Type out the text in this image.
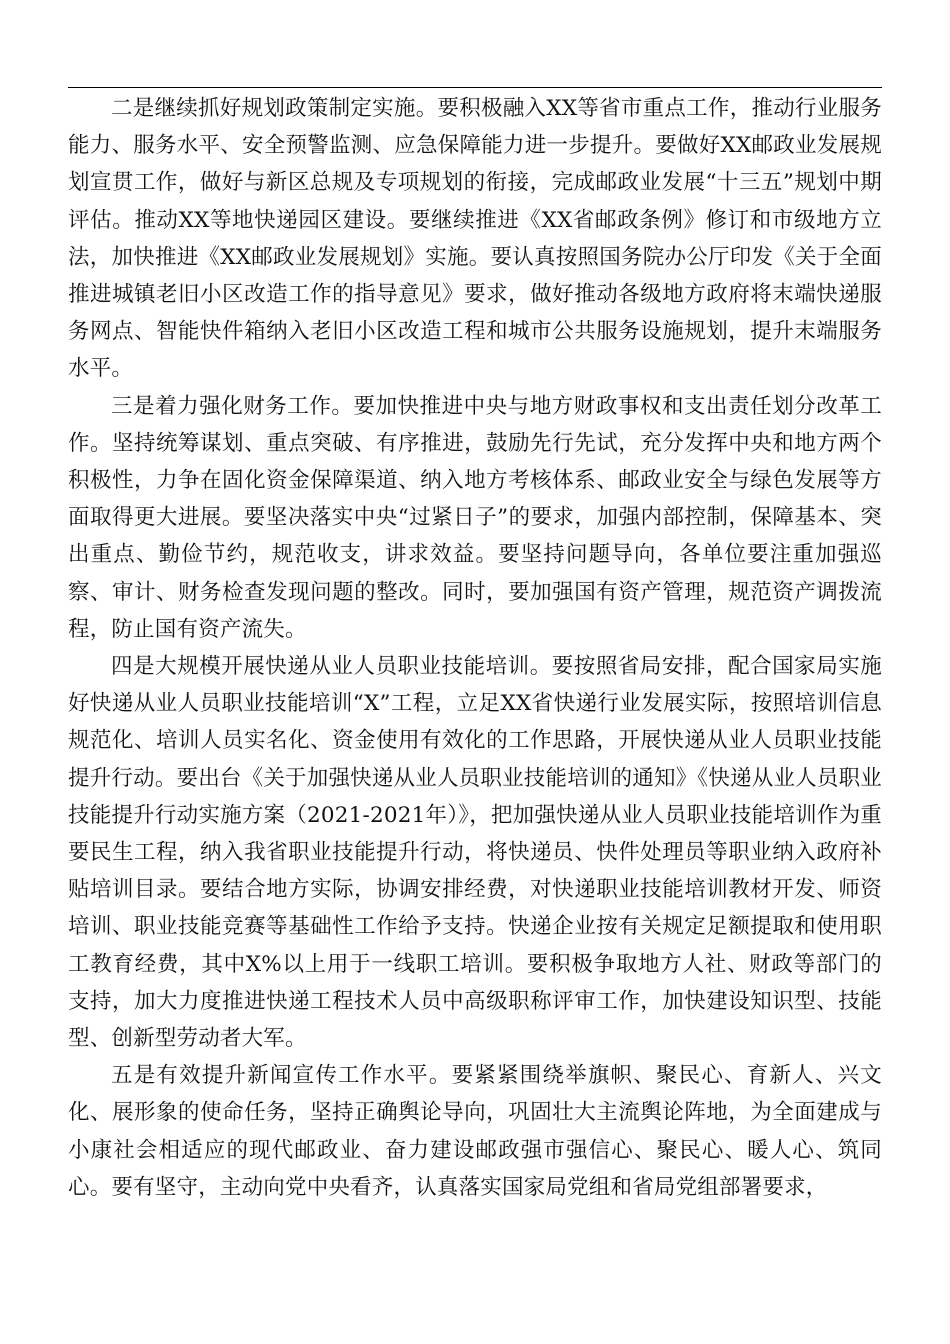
二是继续抓好规划政策制定实施。要积极融入XX等省市重点工作，推动行业服务能力、服务水平、安全预警监测、应急保障能力进一步提升。要做好XX邮政业发展规划宣贯工作，做好与新区总规及专项规划的衔接，完成邮政业发展“十三五”规划中期评估。推动XX等地快递园区建设。要继续推进《XX省邮政条例》修订和市级地方立法，加快推进《XX邮政业发展规划》实施。要认真按照国务院办公厅印发《关于全面推进城镇老旧小区改造工作的指导意见》要求，做好推动各级地方政府将末端快递服务网点、智能快件箱纳入老旧小区改造工程和城市公共服务设施规划，提升末端服务水平。

三是着力强化财务工作。要加快推进中央与地方财政事权和支出责任划分改革工作。坚持统筹谋划、重点突破、有序推进，鼓励先行先试，充分发挥中央和地方两个积极性，力争在固化资金保障渠道、纳入地方考核体系、邮政业安全与绿色发展等方面取得更大进展。要坚决落实中央“过紧日子”的要求，加强内部控制，保障基本、突出重点、勤俭节约，规范收支，讲求效益。要坚持问题导向，各单位要注重加强巡察、审计、财务检查发现问题的整改。同时，要加强国有资产管理，规范资产调拨流程，防止国有资产流失。

四是大规模开展快递从业人员职业技能培训。要按照省局安排，配合国家局实施好快递从业人员职业技能培训“X”工程，立足XX省快递行业发展实际，按照培训信息规范化、培训人员实名化、资金使用有效化的工作思路，开展快递从业人员职业技能提升行动。要出台《关于加强快递从业人员职业技能培训的通知》《快递从业人员职业技能提升行动实施方案（2021-2021年）》，把加强快递从业人员职业技能培训作为重要民生工程，纳入我省职业技能提升行动，将快递员、快件处理员等职业纳入政府补贴培训目录。要结合地方实际，协调安排经费，对快递职业技能培训教材开发、师资培训、职业技能竞赛等基础性工作给予支持。快递企业按有关规定足额提取和使用职工教育经费，其中X%以上用于一线职工培训。要积极争取地方人社、财政等部门的支持，加大力度推进快递工程技术人员中高级职称评审工作，加快建设知识型、技能型、创新型劳动者大军。

五是有效提升新闻宣传工作水平。要紧紧围绕举旗帜、聚民心、育新人、兴文化、展形象的使命任务，坚持正确舆论导向，巩固壮大主流舆论阵地，为全面建成与小康社会相适应的现代邮政业、奋力建设邮政强市强信心、聚民心、暖人心、筑同心。要有坚守，主动向党中央看齐，认真落实国家局党组和省局党组部署要求，
